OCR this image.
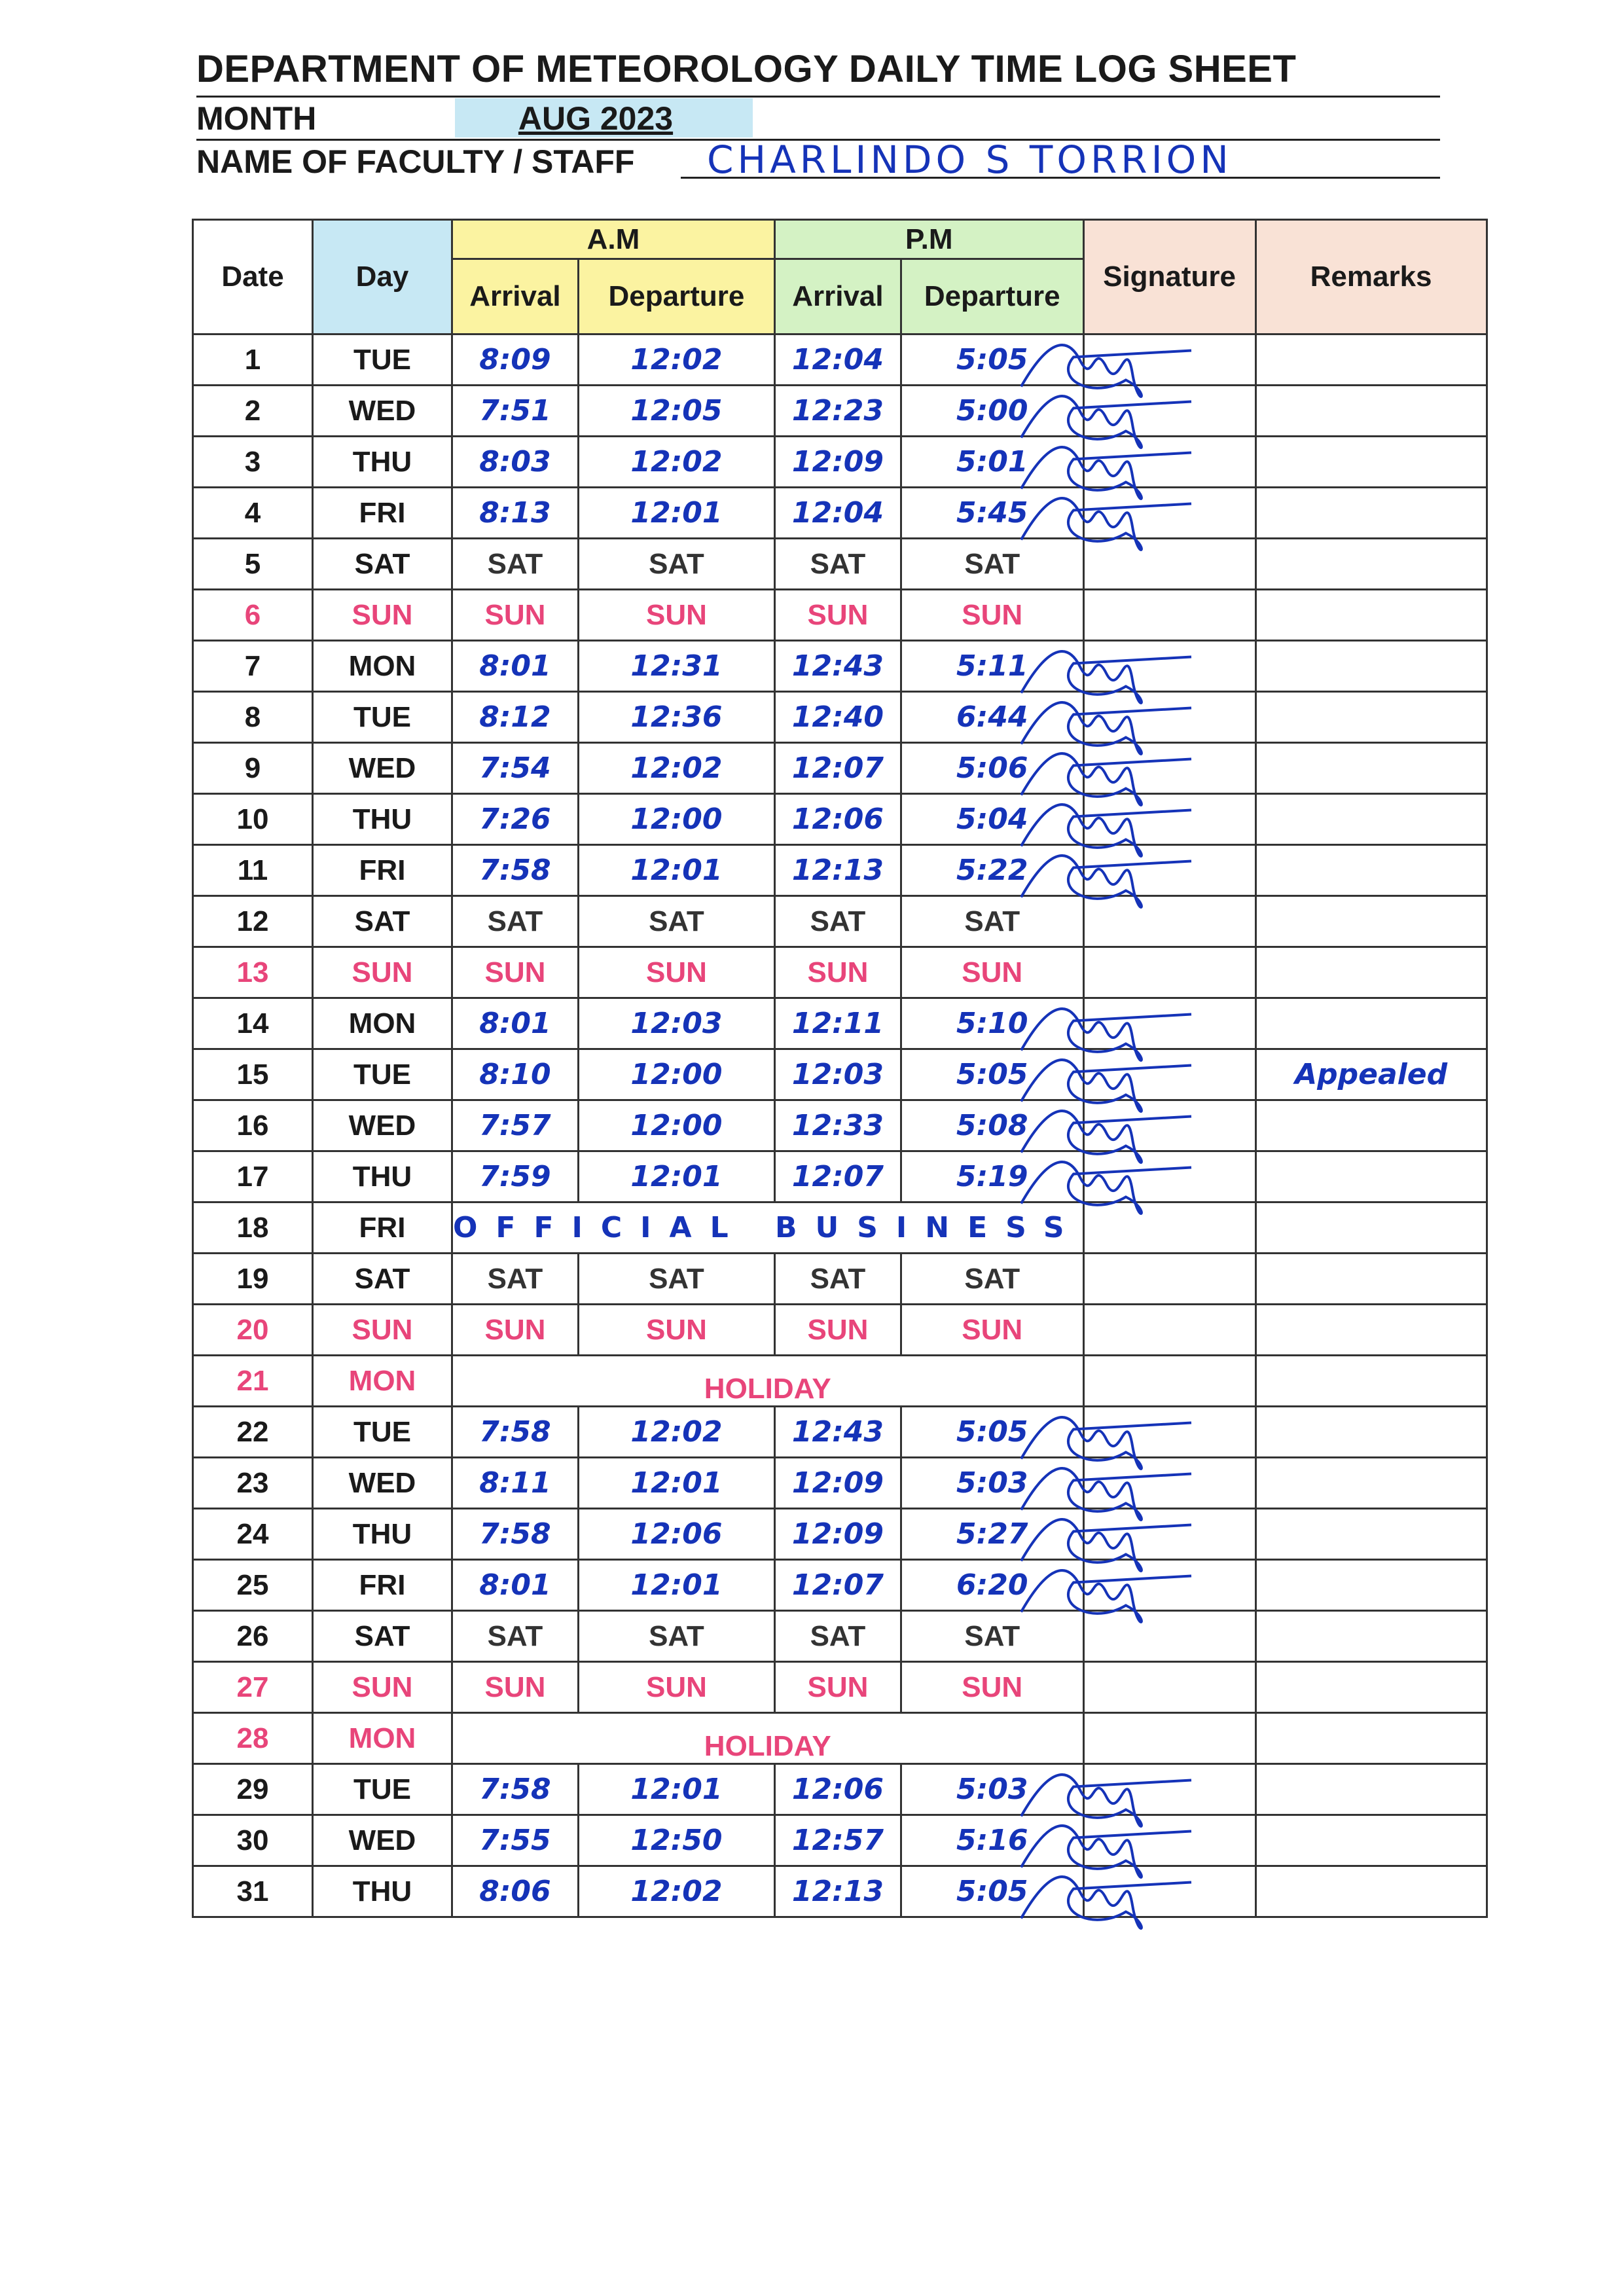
DEPARTMENT OF METEOROLOGY DAILY TIME LOG SHEET
MONTH	AUG 2023
NAME OF FACULTY / STAFF CHARLINDO S TORRION
Date	Day	A.M		P.M		Signature	Remarks
		Arrival	Departure	Arrival	Departure		
1	TUE	8:09	12:02	12:04	5:05		
2	WED	7:51	12:05	12:23	5:00		
3	THU	8:03	12:02	12:09	5:01		
4	FRI	8:13	12:01	12:04	5:45		
5	SAT	SAT	SAT	SAT	SAT		
6	SUN	SUN	SUN	SUN	SUN		
7	MON	8:01	12:31	12:43	5:11		
8	TUE	8:12	12:36	12:40	6:44		
9	WED	7:54	12:02	12:07	5:06		
10	THU	7:26	12:00	12:06	5:04		
11	FRI	7:58	12:01	12:13	5:22		
12	SAT	SAT	SAT	SAT	SAT		
13	SUN	SUN	SUN	SUN	SUN		
14	MON	8:01	12:03	12:11	5:10		
15	TUE	8:10	12:00	12:03	5:05		Appealed
16	WED	7:57	12:00	12:33	5:08		
17	THU	7:59	12:01	12:07	5:19		
18	FRI	OFFICIAL BUSINESS					
19	SAT	SAT	SAT	SAT	SAT		
20	SUN	SUN	SUN	SUN	SUN		
21	MON	HOLIDAY					
22	TUE	7:58	12:02	12:43	5:05		
23	WED	8:11	12:01	12:09	5:03		
24	THU	7:58	12:06	12:09	5:27		
25	FRI	8:01	12:01	12:07	6:20		
26	SAT	SAT	SAT	SAT	SAT		
27	SUN	SUN	SUN	SUN	SUN		
28	MON	HOLIDAY					
29	TUE	7:58	12:01	12:06	5:03		
30	WED	7:55	12:50	12:57	5:16		
31	THU	8:06	12:02	12:13	5:05		
